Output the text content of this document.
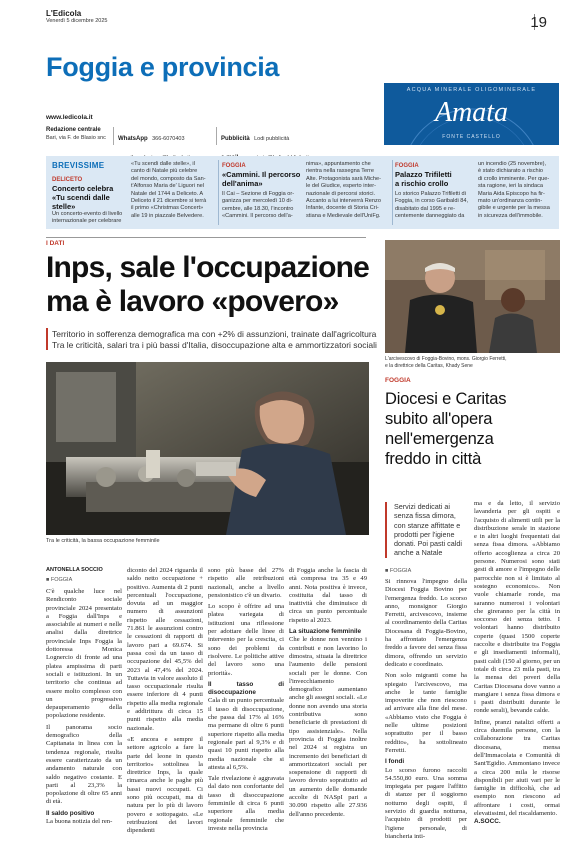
L'Edicola
Venerdì 5 dicembre 2025	19
Foggia e provincia
www.ledicola.it
Redazione centrale
Bari, via F. de Blasio snc WhatsApp 366-6070403	Pubblicità Lodi pubblicità
ACQUA MINERALE OLIGOMINERALE
Amata
FONTE CASTELLO
BREVISSIME
DELICETO
Concerto celebra
«Tu scendi dalle stelle»
Un concerto-evento di livello
internazionale per celebrare
«Tu scendi dalle stelle», il
canto di Natale più celebre
del mondo, composto da San-
t'Alfonso Maria de' Liguori nel
Natale del 1744 a Deliceto. A
Deliceto il 21 dicembre si terrà
il primo «Christmas Concert»
alle 19 in piazzale Belvedere.
FOGGIA
«Cammini. Il percorso
dell'anima»
Il Cai – Sezione di Foggia or-
ganizza per mercoledì 10 di-
cembre, alle 18.30, l'incontro
«Cammini. Il percorso dell'a-
nima», appuntamento che
rientra nella rassegna Terre
Alte. Protagonista sarà Miche-
le del Giudice, esperto inter-
nazionale di percorsi storici.
Accanto a lui interverrà Renzo
Infante, docente di Storia Cri-
stiana e Medievale dell'UniFg.
FOGGIA
Palazzo Trifiletti
a rischio crollo
Lo storico Palazzo Trifiletti di
Foggia, in corso Garibaldi 84,
disabitato dal 1995 e re-
centemente danneggiato da
un incendio (25 novembre),
è stato dichiarato a rischio
di crollo imminente. Per que-
sta ragione, ieri la sindaca
Maria Aida Episcopo ha fir-
mato un'ordinanza contin-
gibile e urgente per la messa
in sicurezza dell'immobile.
I DATI
Inps, sale l'occupazione
ma è lavoro «povero»
Territorio in sofferenza demografica ma con +2% di assunzioni, trainate dall'agricoltura
Tra le criticità, salari tra i più bassi d'Italia, disoccupazione alta e ammortizzatori sociali
Tra le criticità, la bassa occupazione femminile
ANTONELLA SOCCIO
■ FOGGIA
C'è qualche luce nel Rendiconto sociale provinciale 2024 presentato a Foggia dall'Inps e associabile ai numeri e nelle analisi dalla direttrice provinciale Inps Foggia la dottoressa Monica Lognercio di fronte ad una platea ampissima di parti sociali e istituzioni. In un territorio che continua ad essere molto complesso con un progressivo depauperamento della popolazione residente.
Il panorama socio demografico della Capitanata in linea con la tendenza regionale, risulta essere caratterizzato da un andamento naturale con saldo negativo costante. E parti al 23,3% la popolazione di oltre 65 anni di età.

Il saldo positivo
La buona notizia del ren-
diconto del 2024 riguarda il saldo netto occupazione + positivo. Aumenta di 2 punti percentuali l'occupazione, dovuta ad un maggior numero di assunzioni rispetto alle cessazioni, 71.861 le assunzioni contro le cessazioni di rapporti di lavoro pari a 69.674. Si passa così da un tasso di occupazione del 45,5% del 2023 al 47,4% del 2024. Tuttavia in valore assoluto il tasso occupazionale risulta essere inferiore di 4 punti rispetto alla media regionale e addirittura di circa 15 punti rispetto alla media nazionale.
«E ancora e sempre il settore agricolo a fare la parte del leone in questo territorio» sottolinea la direttrice Inps, la quale rimarca anche le paghe più bassi nuovi occupati. Ci sono più occupati, ma di natura per lo più di lavoro povero e sottopagato. «Le retribuzioni dei lavori dipendenti
sono più basse del 27% rispetto alle retribuzioni nazionali, anche a livello pensionistico c'è un divario.
Lo scopo è offrire ad una platea variegata di istituzioni una riflessione per adottare delle linee di intervento per la crescita, ci sono dei problemi da risolvere. Le politiche attive del lavoro sono una priorità».
Il tasso di disoccupazione
Cala di un punto percentuale il tasso di disoccupazione, che passa dal 17% al 16% ma permane di oltre 6 punti superiore rispetto alla media regionale pari al 9,3% e di quasi 10 punti rispetto alla media nazionale che si attesta al 6,5%.
Tale rivelazione è aggravata dal dato non confortante del tasso di disoccupazione femminile di circa 6 punti superiore alla media regionale femminile che investe nella provincia
di Foggia anche la fascia di età compresa tra 35 e 49 anni. Nota positiva è invece, costituita dal tasso di inattività che diminuisce di circa un punto percentuale rispetto al 2023.
La situazione femminile
Che le donne non vennino i contributi e non lavorino lo dimostra, situata la direttrice l'aumento delle pensioni sociali per le donne. Con l'invecchiamento demografico aumentano anche gli assegni sociali. «Le donne non avendo una storia contributiva sono beneficiarie di prestazioni di tipo assistenziale». Nella provincia di Foggia inoltre nel 2024 si registra un incremento dei beneficiari di ammortizzatori sociali per sospensione di rapporti di lavoro dovuto soprattutto ad un aumento delle domande accolte di NASpI pari a 30.090 rispetto alle 27.936 dell'anno precedente.
L'arcivescovo di Foggia-Bovino, mons. Giorgio Ferretti,
e la direttrice della Caritas, Khady Sene
FOGGIA
Diocesi e Caritas
subito all'opera
nell'emergenza
freddo in città
Servizi dedicati ai senza fissa dimora, con stanze affittate e prodotti per l'igiene donati. Poi pasti caldi anche a Natale
■ FOGGIA
Si rinnova l'impegno della Diocesi Foggia Bovino per l'emergenza freddo. Lo scorso anno, monsignor Giorgio Ferretti, arcivescovo, insieme al coordinamento della Caritas Diocesana di Foggia-Bovino, ha affrontato l'emergenza freddo a favore dei senza fissa dimora, offrendo un servizio dedicato e coordinato.
Non solo migranti come ha spiegato l'arcivescovo, ma anche le tante famiglie impoverite che non riescono ad arrivare alla fine del mese. «Abbiamo visto che Foggia è nelle ultime posizioni soprattutto per il basso reddito», ha sottolineato Ferretti.
I fondi
Lo scorso furono raccolti 54.550,80 euro. Una somma impiegata per pagare l'affitto di stanze per il soggiorno notturno degli ospiti, il servizio di guardia notturna, l'acquisto di prodotti per l'igiene personale, di biancheria inti-
ma e da letto, il servizio lavanderia per gli ospiti e l'acquisto di alimenti utili per la distribuzione serale in stazione e in altri luoghi frequentati dai senza fissa dimora. «Abbiamo offerto accoglienza a circa 20 persone. Numerosi sono stati gesti di amore e l'impegno delle parrocchie non si è limitato al sostegno economico». Non vuole chiamarle ronde, ma saranno numerosi i volontari che gireranno per la città in soccorso dei senza tetto. I volontari hanno distribuito coperte (quasi 1500 coperte raccolte e distribuite tra Foggia e gli insediamenti informali), pasti caldi (150 al giorno, per un totale di circa 23 mila pasti, tra la mensa dei poveri della Caritas Diocesana dove vanno a mangiare i senza fissa dimora e i pasti distribuiti durante le ronde serali), bevande calde.
Infine, pranzi natalizi offerti a circa duemila persone, con la collaborazione tra Caritas diocesana, mensa dell'Immacolata e Comunità di Sant'Egidio. Ammontano invece a circa 200 mila le risorse disponibili per aiuti vari per le famiglie in difficoltà, che ad esempio non riescono ad affrontare i costi, ormai elevatissimi, del riscaldamento. A.SOCC.
